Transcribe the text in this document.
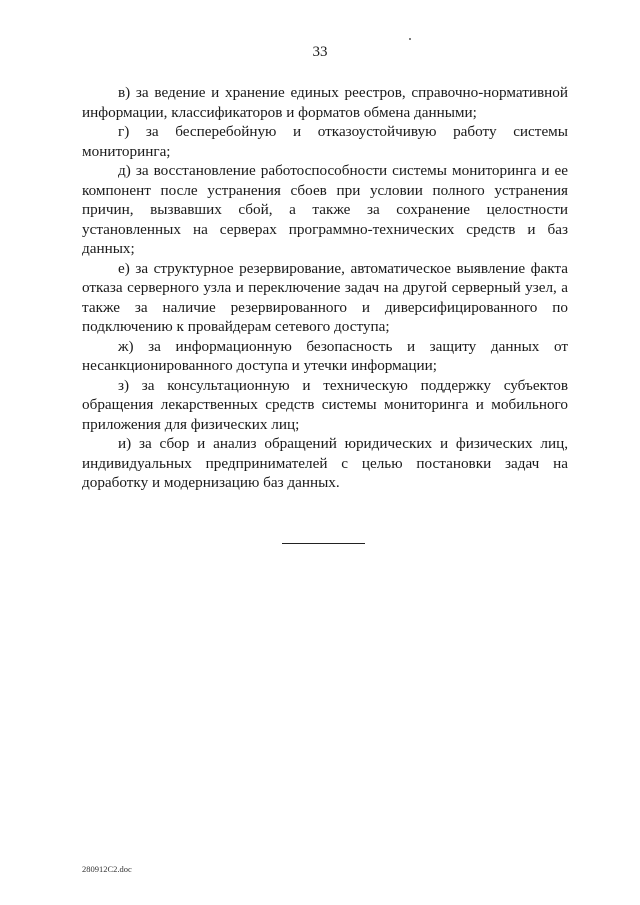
33

в) за ведение и хранение единых реестров, справочно-нормативной информации, классификаторов и форматов обмена данными;

г) за бесперебойную и отказоустойчивую работу системы мониторинга;

д) за восстановление работоспособности системы мониторинга и ее компонент после устранения сбоев при условии полного устранения причин, вызвавших сбой, а также за сохранение целостности установленных на серверах программно-технических средств и баз данных;

е) за структурное резервирование, автоматическое выявление факта отказа серверного узла и переключение задач на другой серверный узел, а также за наличие резервированного и диверсифицированного по подключению к провайдерам сетевого доступа;

ж) за информационную безопасность и защиту данных от несанкционированного доступа и утечки информации;

з) за консультационную и техническую поддержку субъектов обращения лекарственных средств системы мониторинга и мобильного приложения для физических лиц;

и) за сбор и анализ обращений юридических и физических лиц, индивидуальных предпринимателей с целью постановки задач на доработку и модернизацию баз данных.

280912C2.doc
